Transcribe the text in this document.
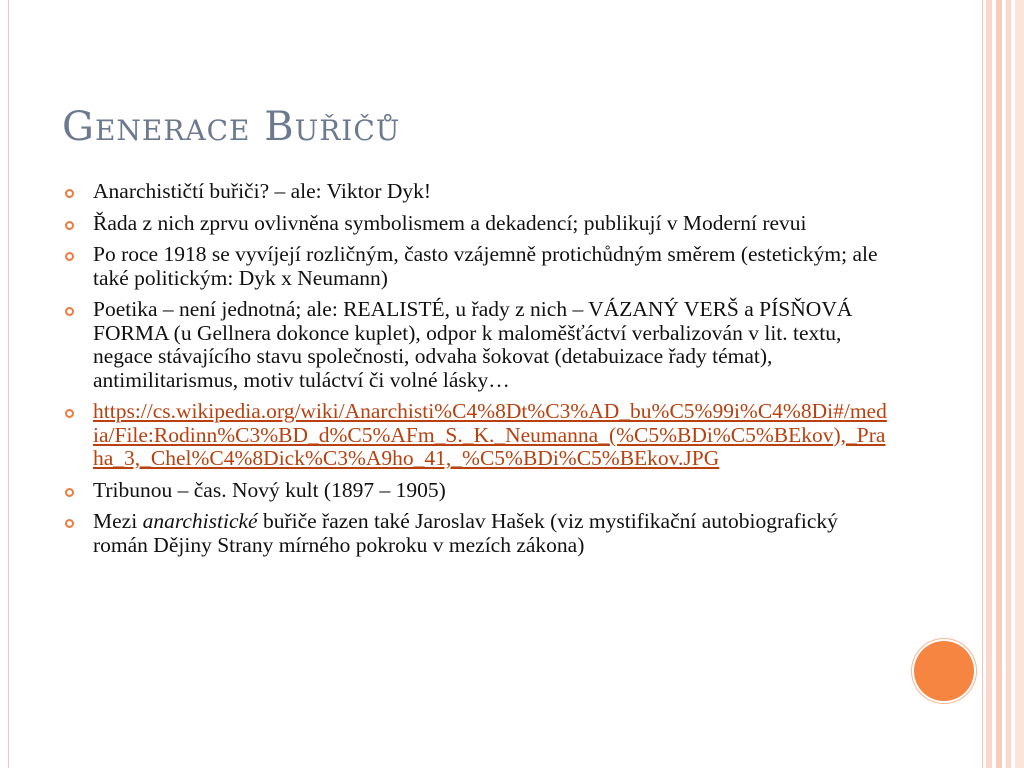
Generace Buřičů
Anarchističtí buřiči? – ale: Viktor Dyk!
Řada z nich zprvu ovlivněna symbolismem a dekadencí; publikují v Moderní revui
Po roce 1918 se vyvíjejí rozličným, často vzájemně protichůdným směrem (estetickým; ale také politickým: Dyk x Neumann)
Poetika – není jednotná; ale: REALISTÉ, u řady z nich – VÁZANÝ VERŠ a PÍSŇOVÁ FORMA (u Gellnera dokonce kuplet), odpor k maloměšťáctví verbalizován v lit. textu, negace stávajícího stavu společnosti, odvaha šokovat (detabuizace řady témat), antimilitarismus, motiv tuláctví či volné lásky…
https://cs.wikipedia.org/wiki/Anarchisti%C4%8Dt%C3%AD_bu%C5%99i%C4%8Di#/media/File:Rodinn%C3%BD_d%C5%AFm_S._K._Neumanna_(%C5%BDi%C5%BEkov),_Praha_3,_Chel%C4%8Dick%C3%A9ho_41,_%C5%BDi%C5%BEkov.JPG
Tribunou – čas. Nový kult (1897 – 1905)
Mezi anarchistické buřiče řazen také Jaroslav Hašek (viz mystifikační autobiografický román Dějiny Strany mírného pokroku v mezích zákona)
